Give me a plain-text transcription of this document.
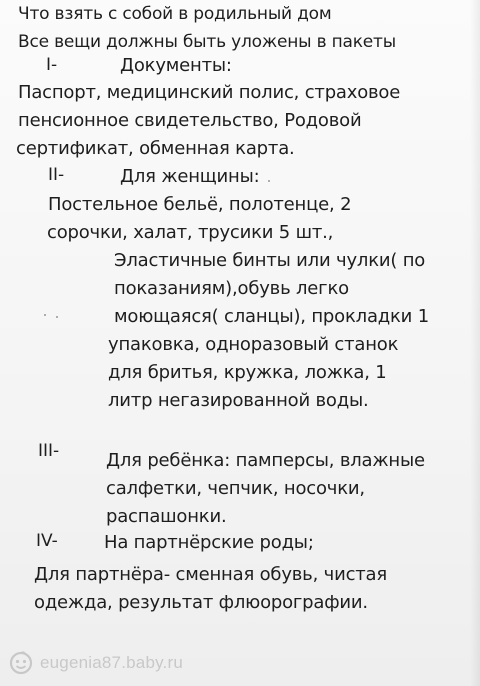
Что взять с собой в родильный дом
Все вещи должны быть уложены в пакеты
I-	Документы:
Паспорт, медицинский полис, страховое
пенсионное свидетельство, Родовой
сертификат, обменная карта.
II-	Для женщины:
Постельное бельё, полотенце, 2
сорочки, халат, трусики 5 шт.,
Эластичные бинты или чулки( по
показаниям),обувь легко
моющаяся( сланцы), прокладки 1
упаковка, одноразовый станок
для бритья, кружка, ложка, 1
литр негазированной воды.
III-	Для ребёнка: памперсы, влажные
салфетки, чепчик, носочки,
распашонки.
IV-	На партнёрские роды;
Для партнёра- сменная обувь, чистая
одежда, результат флюорографии.
eugenia87.baby.ru
